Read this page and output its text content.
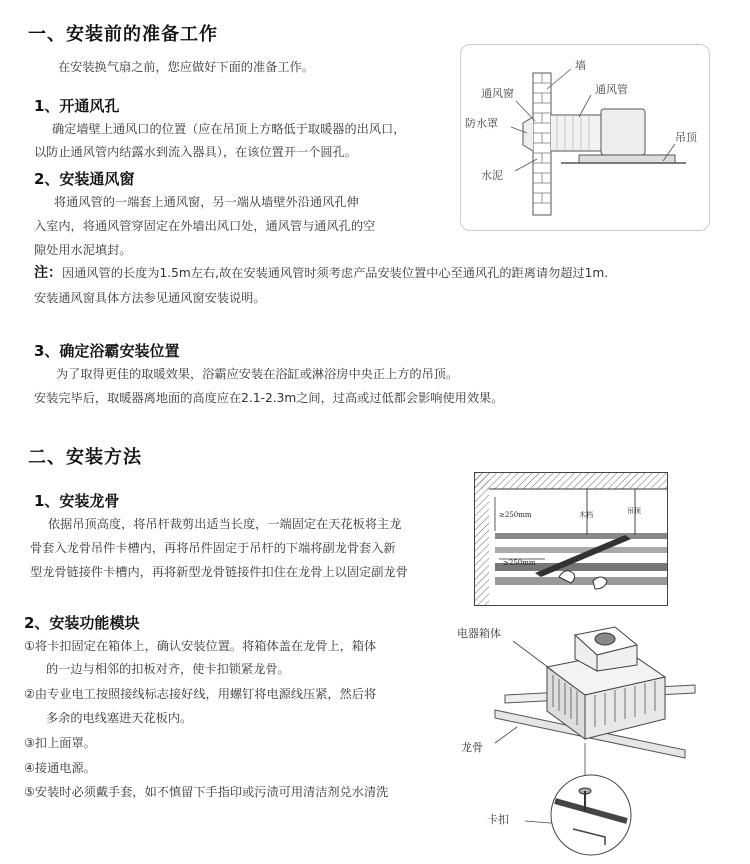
一、安装前的准备工作
在安装换气扇之前，您应做好下面的准备工作。
1、开通风孔
确定墙壁上通风口的位置（应在吊顶上方略低于取暖器的出风口，
以防止通风管内结露水到流入器具），在该位置开一个圆孔。
2、安装通风窗
将通风管的一端套上通风窗，另一端从墙壁外沿通风孔伸
入室内，将通风管穿固定在外墙出风口处，通风管与通风孔的空
隙处用水泥填封。
注：因通风管的长度为1.5m左右,故在安装通风管时须考虑产品安装位置中心至通风孔的距离请勿超过1m.
安装通风窗具体方法参见通风窗安装说明。
3、确定浴霸安装位置
为了取得更佳的取暖效果，浴霸应安装在浴缸或淋浴房中央正上方的吊顶。
安装完毕后，取暖器离地面的高度应在2.1-2.3m之间，过高或过低都会影响使用效果。
墙
通风窗	通风管
防水罩
吊顶
水泥
二、安装方法
1、安装龙骨
依据吊顶高度，将吊杆裁剪出适当长度，一端固定在天花板将主龙
骨套入龙骨吊件卡槽内，再将吊件固定于吊杆的下端将副龙骨套入新
型龙骨链接件卡槽内，再将新型龙骨链接件扣住在龙骨上以固定副龙骨
2、安装功能模块
①将卡扣固定在箱体上，确认安装位置。将箱体盖在龙骨上，箱体
的一边与相邻的扣板对齐，使卡扣锁紧龙骨。
②由专业电工按照接线标志接好线，用螺钉将电源线压紧，然后将
多余的电线塞进天花板内。
③扣上面罩。
④接通电源。
⑤安装时必须戴手套，如不慎留下手指印或污渍可用清洁剂兑水清洗
≥250mm
≥250mm
木档	吊顶
电器箱体
龙骨
卡扣
